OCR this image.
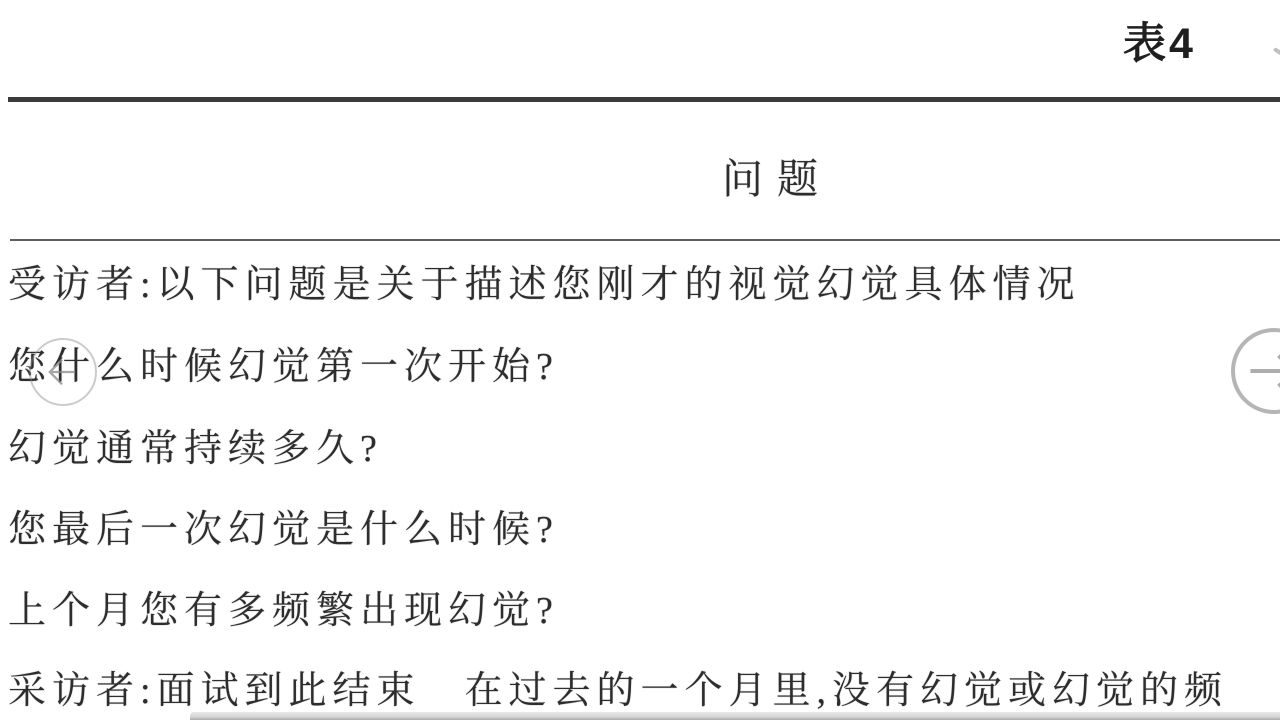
表4
问题
受访者:以下问题是关于描述您刚才的视觉幻觉具体情况
您什么时候幻觉第一次开始?
幻觉通常持续多久?
您最后一次幻觉是什么时候?
上个月您有多频繁出现幻觉?
采访者:面试到此结束　在过去的一个月里,没有幻觉或幻觉的频
